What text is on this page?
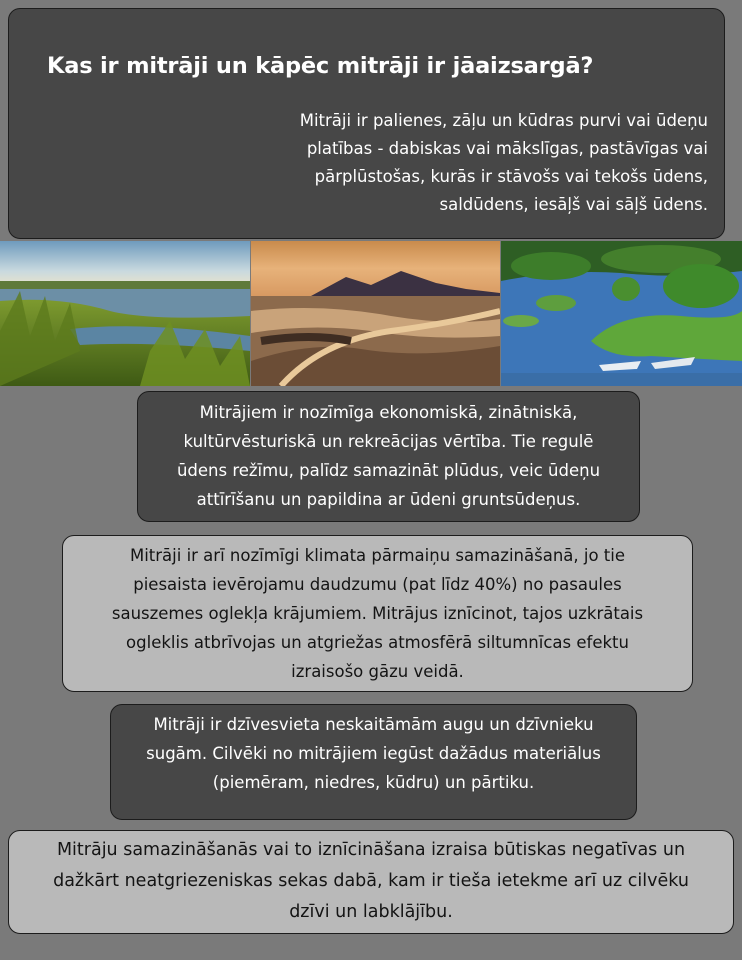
Kas ir mitrāji un kāpēc mitrāji ir jāaizsargā?

Mitrāji ir palienes, zāļu un kūdras purvi vai ūdeņu
platības - dabiskas vai mākslīgas, pastāvīgas vai
pārplūstošas, kurās ir stāvošs vai tekošs ūdens,
saldūdens, iesāļš vai sāļš ūdens.

Mitrājiem ir nozīmīga ekonomiskā, zinātniskā,
kultūrvēsturiskā un rekreācijas vērtība. Tie regulē
ūdens režīmu, palīdz samazināt plūdus, veic ūdeņu
attīrīšanu un papildina ar ūdeni gruntsūdeņus.

Mitrāji ir arī nozīmīgi klimata pārmaiņu samazināšanā, jo tie
piesaista ievērojamu daudzumu (pat līdz 40%) no pasaules
sauszemes oglekļa krājumiem. Mitrājus iznīcinot, tajos uzkrātais
ogleklis atbrīvojas un atgriežas atmosfērā siltumnīcas efektu
izraisošo gāzu veidā.

Mitrāji ir dzīvesvieta neskaitāmām augu un dzīvnieku
sugām. Cilvēki no mitrājiem iegūst dažādus materiālus
(piemēram, niedres, kūdru) un pārtiku.

Mitrāju samazināšanās vai to iznīcināšana izraisa būtiskas negatīvas un
dažkārt neatgriezeniskas sekas dabā, kam ir tieša ietekme arī uz cilvēku
dzīvi un labklājību.
